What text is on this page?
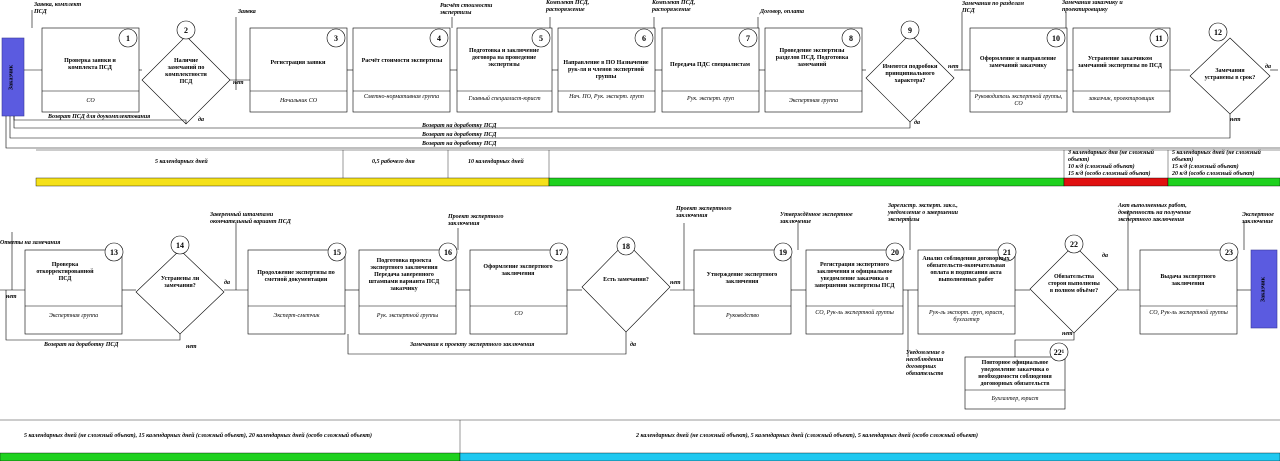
Заказчик
Заказчик
1
2
3	4	5	6	7	8
9
10	11
12
Проверка заявки и комплекта ПСД
Наличие замечаний по комплектности ПСД
Регистрация заявки	Расчёт стоимости экспертизы
Подготовка и заключение договора на проведение экспертизы	Направление в ПО Назначение рук-ля и членов экспертной группы
Передача ПДС специалистам
Проведение экспертизы разделов ПСД. Подготовка замечаний	Имеются подробоки принципиального характера?
Оформление и направление замечаний заказчику
Устранение заказчиком замечаний экспертизы по ПСД
Замечания устранены в срок?
СО	Начальник СО
Сметно-нормативная группа	Главный специалист-юрист	Нач. ПО, Рук. эксперт. групп	Рук. эксперт. груп	Экспертная группа
Руководитель экспертной группы, СО
заказчик, проектировщик
Заявка, комплект ПСД	Заявка
Расчёт стоимости экспертизы
Комплект ПСД, распоряжение
Комплект ПСД, распоряжение	Договор, оплата
Замечания по разделам ПСД
Замечания заказчику и проектировщику
нет
да
нет
да	нет
да
Возврат ПСД для доукомплектования
Возврат на доработку ПСД
Возврат на доработку ПСД
Возврат на доработку ПСД
5 календарных дней	0,5 рабочего дня	10 календарных дней
3 календарных дня (не сложный объект)
10 к/д (сложный объект)
15 к/д (особо сложный объект)
5 календарных дней (не сложный объект)
15 к/д (сложный объект)
20 к/д (особо сложный объект)
13
14
15	16	17
18
19	20	21
22
22¹
23
Проверка откорректированной ПСД	Устранены ли замечания?
Продолжение экспертизы по сметной документации
Подготовка проекта экспертного заключения Передача заверенного штампами варианта ПСД заказчику
Оформление экспертного заключения
Есть замечания?
Утверждение экспертного заключения
Регистрация экспертного заключения и официальное уведомление заказчика о завершении экспертизы ПСД
Анализ соблюдения договорных обязательств-окончательная оплата и подписания акта выполненных работ	Обязательства сторон выполнены в полном объёме?
Повторное официальное уведомление заказчика о необходимости соблюдения договорных обязательств
Выдача экспертного заключения
Экспертная группа	Эксперт-сметчик	Рук. экспертной группы	СО	Руководство	СО, Рук-ль экспертной группы	Рук-ль экспорт. груп, юрист, бухгалтер
Бухгалтер, юрист
СО, Рук-ль экспертной группы
Ответы на замечания
Заверенный штампами окончательный вариант ПСД
Проект экспертного заключения
Проект экспертного заключения	Утверждённое экспертное заключение
Зарегистр. эксперт. закл., уведомление о завершении экспертизы
Уведомление о несоблюдении договорных обязательств
Акт выполненных работ, доверенность на получение экспертного заключения
Экспертное заключение
нет
да
нет
нет
да
да
нет
Возврат на доработку ПСД	Замечания к проекту экспертного заключения
5 календарных дней (не сложный объект), 15 календарных дней (сложный объект), 20 календарных дней (особо сложный объект)	2 календарных дней (не сложный объект), 5 календарных дней (сложный объект), 5 календарных дней (особо сложный объект)
